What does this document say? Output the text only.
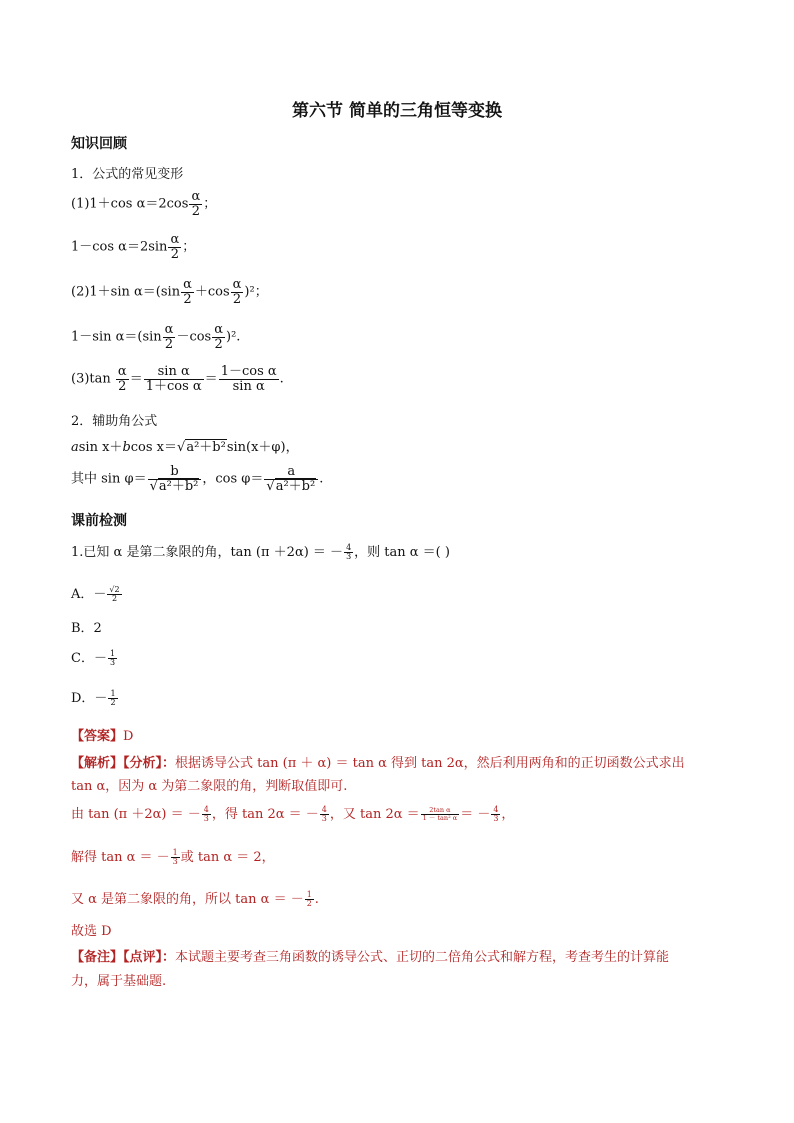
第六节 简单的三角恒等变换
知识回顾
1．公式的常见变形
(1)1＋cos $\alpha=2\cos \frac{\alpha}{2}$ ；
1－cos $\alpha=2\sin \frac{\alpha}{2}$ ；
(2)1＋sin $\alpha=(\sin \frac{\alpha}{2} +\cos \frac{\alpha}{2} )^2$；
1－sin $\alpha=(\sin \frac{\alpha}{2} -\cos \frac{\alpha}{2} )^2$.
$(3)\tan \frac{\alpha}{2} = \frac{\text{sin α}}{\text{1＋cos α}} = \frac{\text{1－cos α}}{\text{sin α}}$ .
2．辅助角公式
asin x＋bcos x＝√a²＋b²sin(x＋φ)，
其中 $\sin \varphi= \frac{b}{\text{√a²＋b²}}$ ，$\cos \varphi= \frac{a}{\text{√a²＋b²}}$ .
课前检测
1.已知 α 是第二象限的角，tan (π ＋2α) ＝ － $\frac{4}{3}$ ，则 tan α ＝( )
A．－ $\frac{√2}{2}$
B．2
C．－ $\frac{1}{3}$
D．－ $\frac{1}{2}$
【答案】D
【解析】【分析】：根据诱导公式 tan (π ＋ α) ＝ tan α 得到 tan 2α，然后利用两角和的正切函数公式求出
tan α，因为 α 为第二象限的角，判断取值即可.
由 tan (π ＋2α) ＝ － $\frac{4}{3}$ ，得 tan 2α ＝ － $\frac{4}{3}$ ，又 $\tan 2\alpha = \frac{\text{2tan α}}{\text{1 － tan² α}}$ ＝ － $\frac{4}{3}$ ，
解得 tan α ＝ － $\frac{1}{3}$ 或 tan α ＝ 2，
又 α 是第二象限的角，所以 tan α ＝ － $\frac{1}{2}$ .
故选 D
【备注】【点评】：本试题主要考查三角函数的诱导公式、正切的二倍角公式和解方程，考查考生的计算能
力，属于基础题.
